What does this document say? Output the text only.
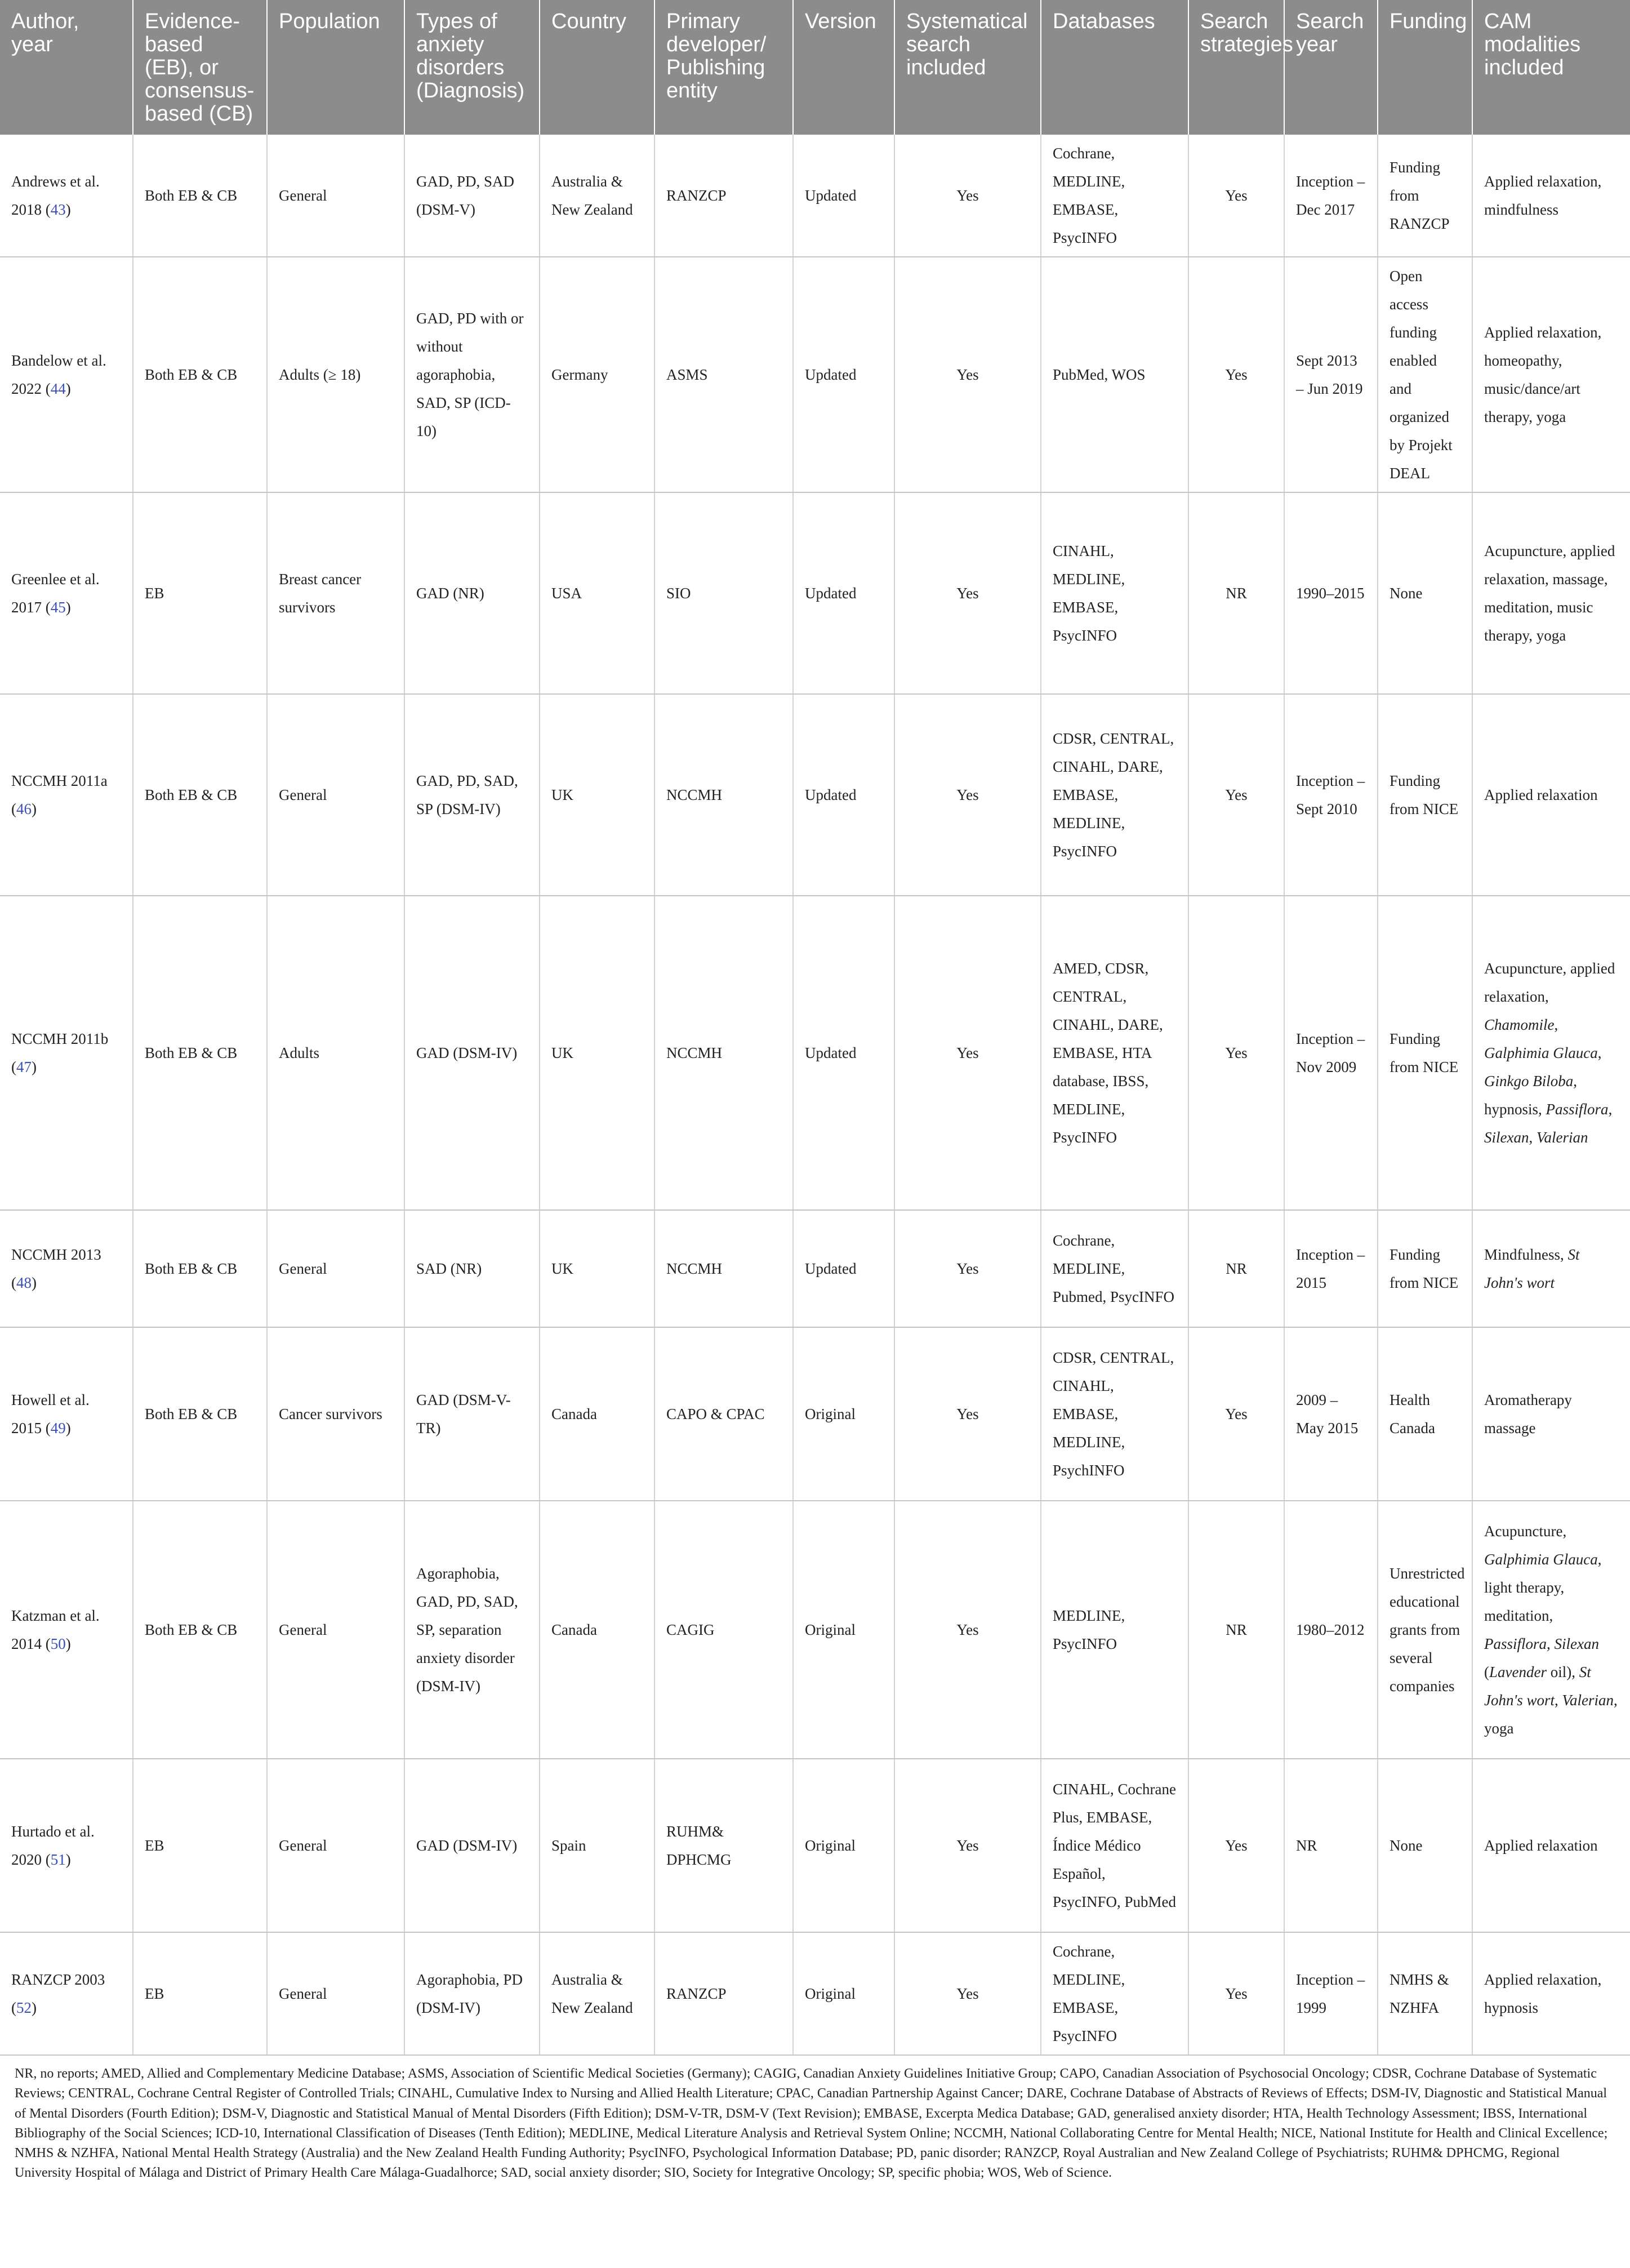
Author, year	Evidence-based (EB), or consensus-based (CB)	Population	Types of anxiety disorders (Diagnosis)	Country	Primary developer/ Publishing entity	Version	Systematical search included	Databases	Search strategies	Search year	Funding	CAM modalities included
Andrews et al. 2018 (43)	Both EB & CB	General	GAD, PD, SAD (DSM-V)	Australia & New Zealand	RANZCP	Updated	Yes	Cochrane, MEDLINE, EMBASE, PsycINFO	Yes	Inception – Dec 2017	Funding from RANZCP	Applied relaxation, mindfulness
Bandelow et al. 2022 (44)	Both EB & CB	Adults (≥ 18)	GAD, PD with or without agoraphobia, SAD, SP (ICD-10)	Germany	ASMS	Updated	Yes	PubMed, WOS	Yes	Sept 2013 – Jun 2019	Open access funding enabled and organized by Projekt DEAL	Applied relaxation, homeopathy, music/dance/art therapy, yoga
Greenlee et al. 2017 (45)	EB	Breast cancer survivors	GAD (NR)	USA	SIO	Updated	Yes	CINAHL, MEDLINE, EMBASE, PsycINFO	NR	1990–2015	None	Acupuncture, applied relaxation, massage, meditation, music therapy, yoga
NCCMH 2011a (46)	Both EB & CB	General	GAD, PD, SAD, SP (DSM-IV)	UK	NCCMH	Updated	Yes	CDSR, CENTRAL, CINAHL, DARE, EMBASE, MEDLINE, PsycINFO	Yes	Inception – Sept 2010	Funding from NICE	Applied relaxation
NCCMH 2011b (47)	Both EB & CB	Adults	GAD (DSM-IV)	UK	NCCMH	Updated	Yes	AMED, CDSR, CENTRAL, CINAHL, DARE, EMBASE, HTA database, IBSS, MEDLINE, PsycINFO	Yes	Inception – Nov 2009	Funding from NICE	Acupuncture, applied relaxation, Chamomile, Galphimia Glauca, Ginkgo Biloba, hypnosis, Passiflora, Silexan, Valerian
NCCMH 2013 (48)	Both EB & CB	General	SAD (NR)	UK	NCCMH	Updated	Yes	Cochrane, MEDLINE, Pubmed, PsycINFO	NR	Inception – 2015	Funding from NICE	Mindfulness, St John's wort
Howell et al. 2015 (49)	Both EB & CB	Cancer survivors	GAD (DSM-V-TR)	Canada	CAPO & CPAC	Original	Yes	CDSR, CENTRAL, CINAHL, EMBASE, MEDLINE, PsychINFO	Yes	2009 – May 2015	Health Canada	Aromatherapy massage
Katzman et al. 2014 (50)	Both EB & CB	General	Agoraphobia, GAD, PD, SAD, SP, separation anxiety disorder (DSM-IV)	Canada	CAGIG	Original	Yes	MEDLINE, PsycINFO	NR	1980–2012	Unrestricted educational grants from several companies	Acupuncture, Galphimia Glauca, light therapy, meditation, Passiflora, Silexan (Lavender oil), St John's wort, Valerian, yoga
Hurtado et al. 2020 (51)	EB	General	GAD (DSM-IV)	Spain	RUHM& DPHCMG	Original	Yes	CINAHL, Cochrane Plus, EMBASE, Índice Médico Español, PsycINFO, PubMed	Yes	NR	None	Applied relaxation
RANZCP 2003 (52)	EB	General	Agoraphobia, PD (DSM-IV)	Australia & New Zealand	RANZCP	Original	Yes	Cochrane, MEDLINE, EMBASE, PsycINFO	Yes	Inception – 1999	NMHS & NZHFA	Applied relaxation, hypnosis
NR, no reports; AMED, Allied and Complementary Medicine Database; ASMS, Association of Scientific Medical Societies (Germany); CAGIG, Canadian Anxiety Guidelines Initiative Group; CAPO, Canadian Association of Psychosocial Oncology; CDSR, Cochrane Database of Systematic Reviews; CENTRAL, Cochrane Central Register of Controlled Trials; CINAHL, Cumulative Index to Nursing and Allied Health Literature; CPAC, Canadian Partnership Against Cancer; DARE, Cochrane Database of Abstracts of Reviews of Effects; DSM-IV, Diagnostic and Statistical Manual of Mental Disorders (Fourth Edition); DSM-V, Diagnostic and Statistical Manual of Mental Disorders (Fifth Edition); DSM-V-TR, DSM-V (Text Revision); EMBASE, Excerpta Medica Database; GAD, generalised anxiety disorder; HTA, Health Technology Assessment; IBSS, International Bibliography of the Social Sciences; ICD-10, International Classification of Diseases (Tenth Edition); MEDLINE, Medical Literature Analysis and Retrieval System Online; NCCMH, National Collaborating Centre for Mental Health; NICE, National Institute for Health and Clinical Excellence; NMHS & NZHFA, National Mental Health Strategy (Australia) and the New Zealand Health Funding Authority; PsycINFO, Psychological Information Database; PD, panic disorder; RANZCP, Royal Australian and New Zealand College of Psychiatrists; RUHM& DPHCMG, Regional University Hospital of Málaga and District of Primary Health Care Málaga-Guadalhorce; SAD, social anxiety disorder; SIO, Society for Integrative Oncology; SP, specific phobia; WOS, Web of Science.
